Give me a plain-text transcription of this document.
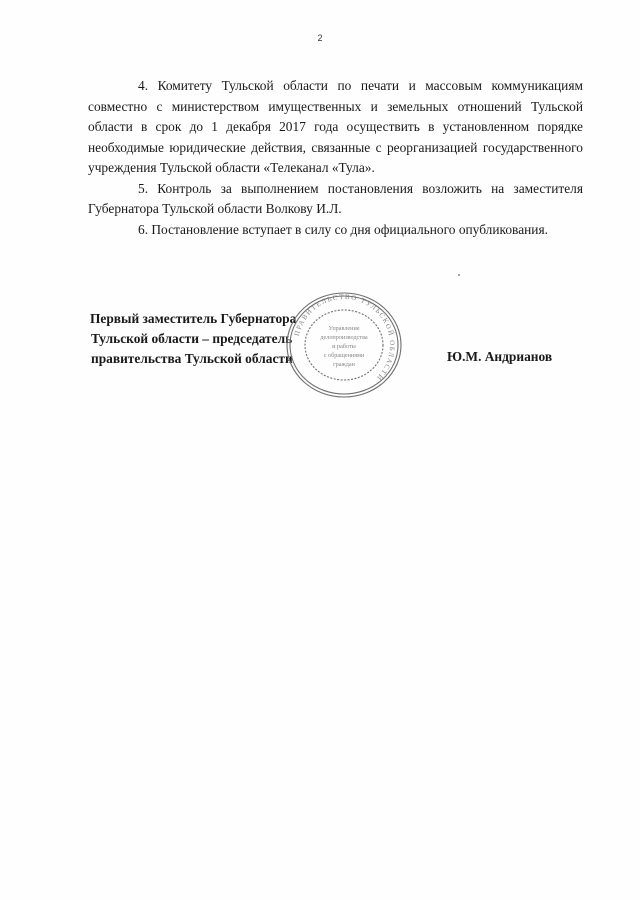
2

4. Комитету Тульской области по печати и массовым коммуникациям совместно с министерством имущественных и земельных отношений Тульской области в срок до 1 декабря 2017 года осуществить в установленном порядке необходимые юридические действия, связанные с реорганизацией государственного учреждения Тульской области «Телеканал «Тула».

5. Контроль за выполнением постановления возложить на заместителя Губернатора Тульской области Волкову И.Л.

6. Постановление вступает в силу со дня официального опубликования.

Первый заместитель Губернатора
Тульской области – председатель
правительства Тульской области	Ю.М. Андрианов
ПРАВИТЕЛЬСТВО ТУЛЬСКОЙ ОБЛАСТИ
Управление
делопроизводства
и работы
с обращениями
граждан
